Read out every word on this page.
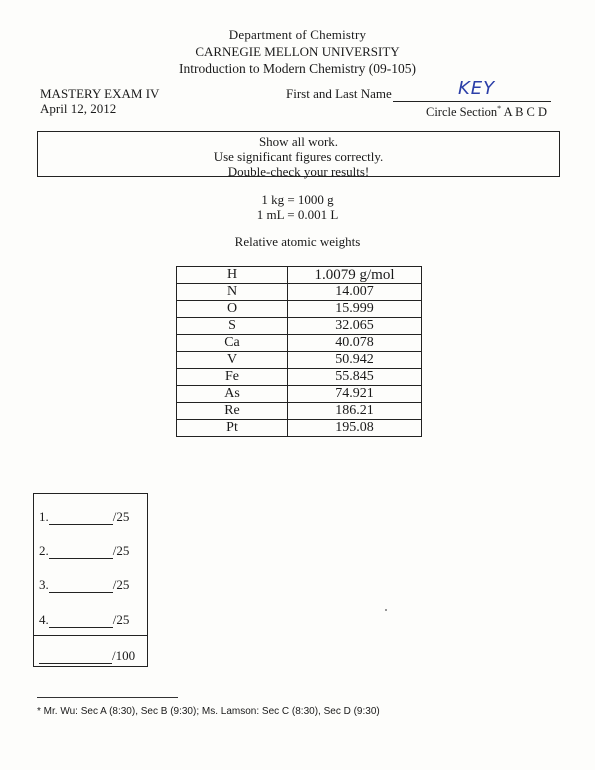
Department of Chemistry
CARNEGIE MELLON UNIVERSITY
Introduction to Modern Chemistry (09-105)
MASTERY EXAM IV
April 12, 2012
First and Last Name	KEY
Circle Section* A B C D
Show all work.
Use significant figures correctly.
Double-check your results!
1 kg = 1000 g
1 mL = 0.001 L
Relative atomic weights
H	1.0079 g/mol
N	14.007
O	15.999
S	32.065
Ca	40.078
V	50.942
Fe	55.845
As	74.921
Re	186.21
Pt	195.08
1.	/25
2.	/25
3.	/25
4.	/25
/100
* Mr. Wu: Sec A (8:30), Sec B (9:30); Ms. Lamson: Sec C (8:30), Sec D (9:30)
